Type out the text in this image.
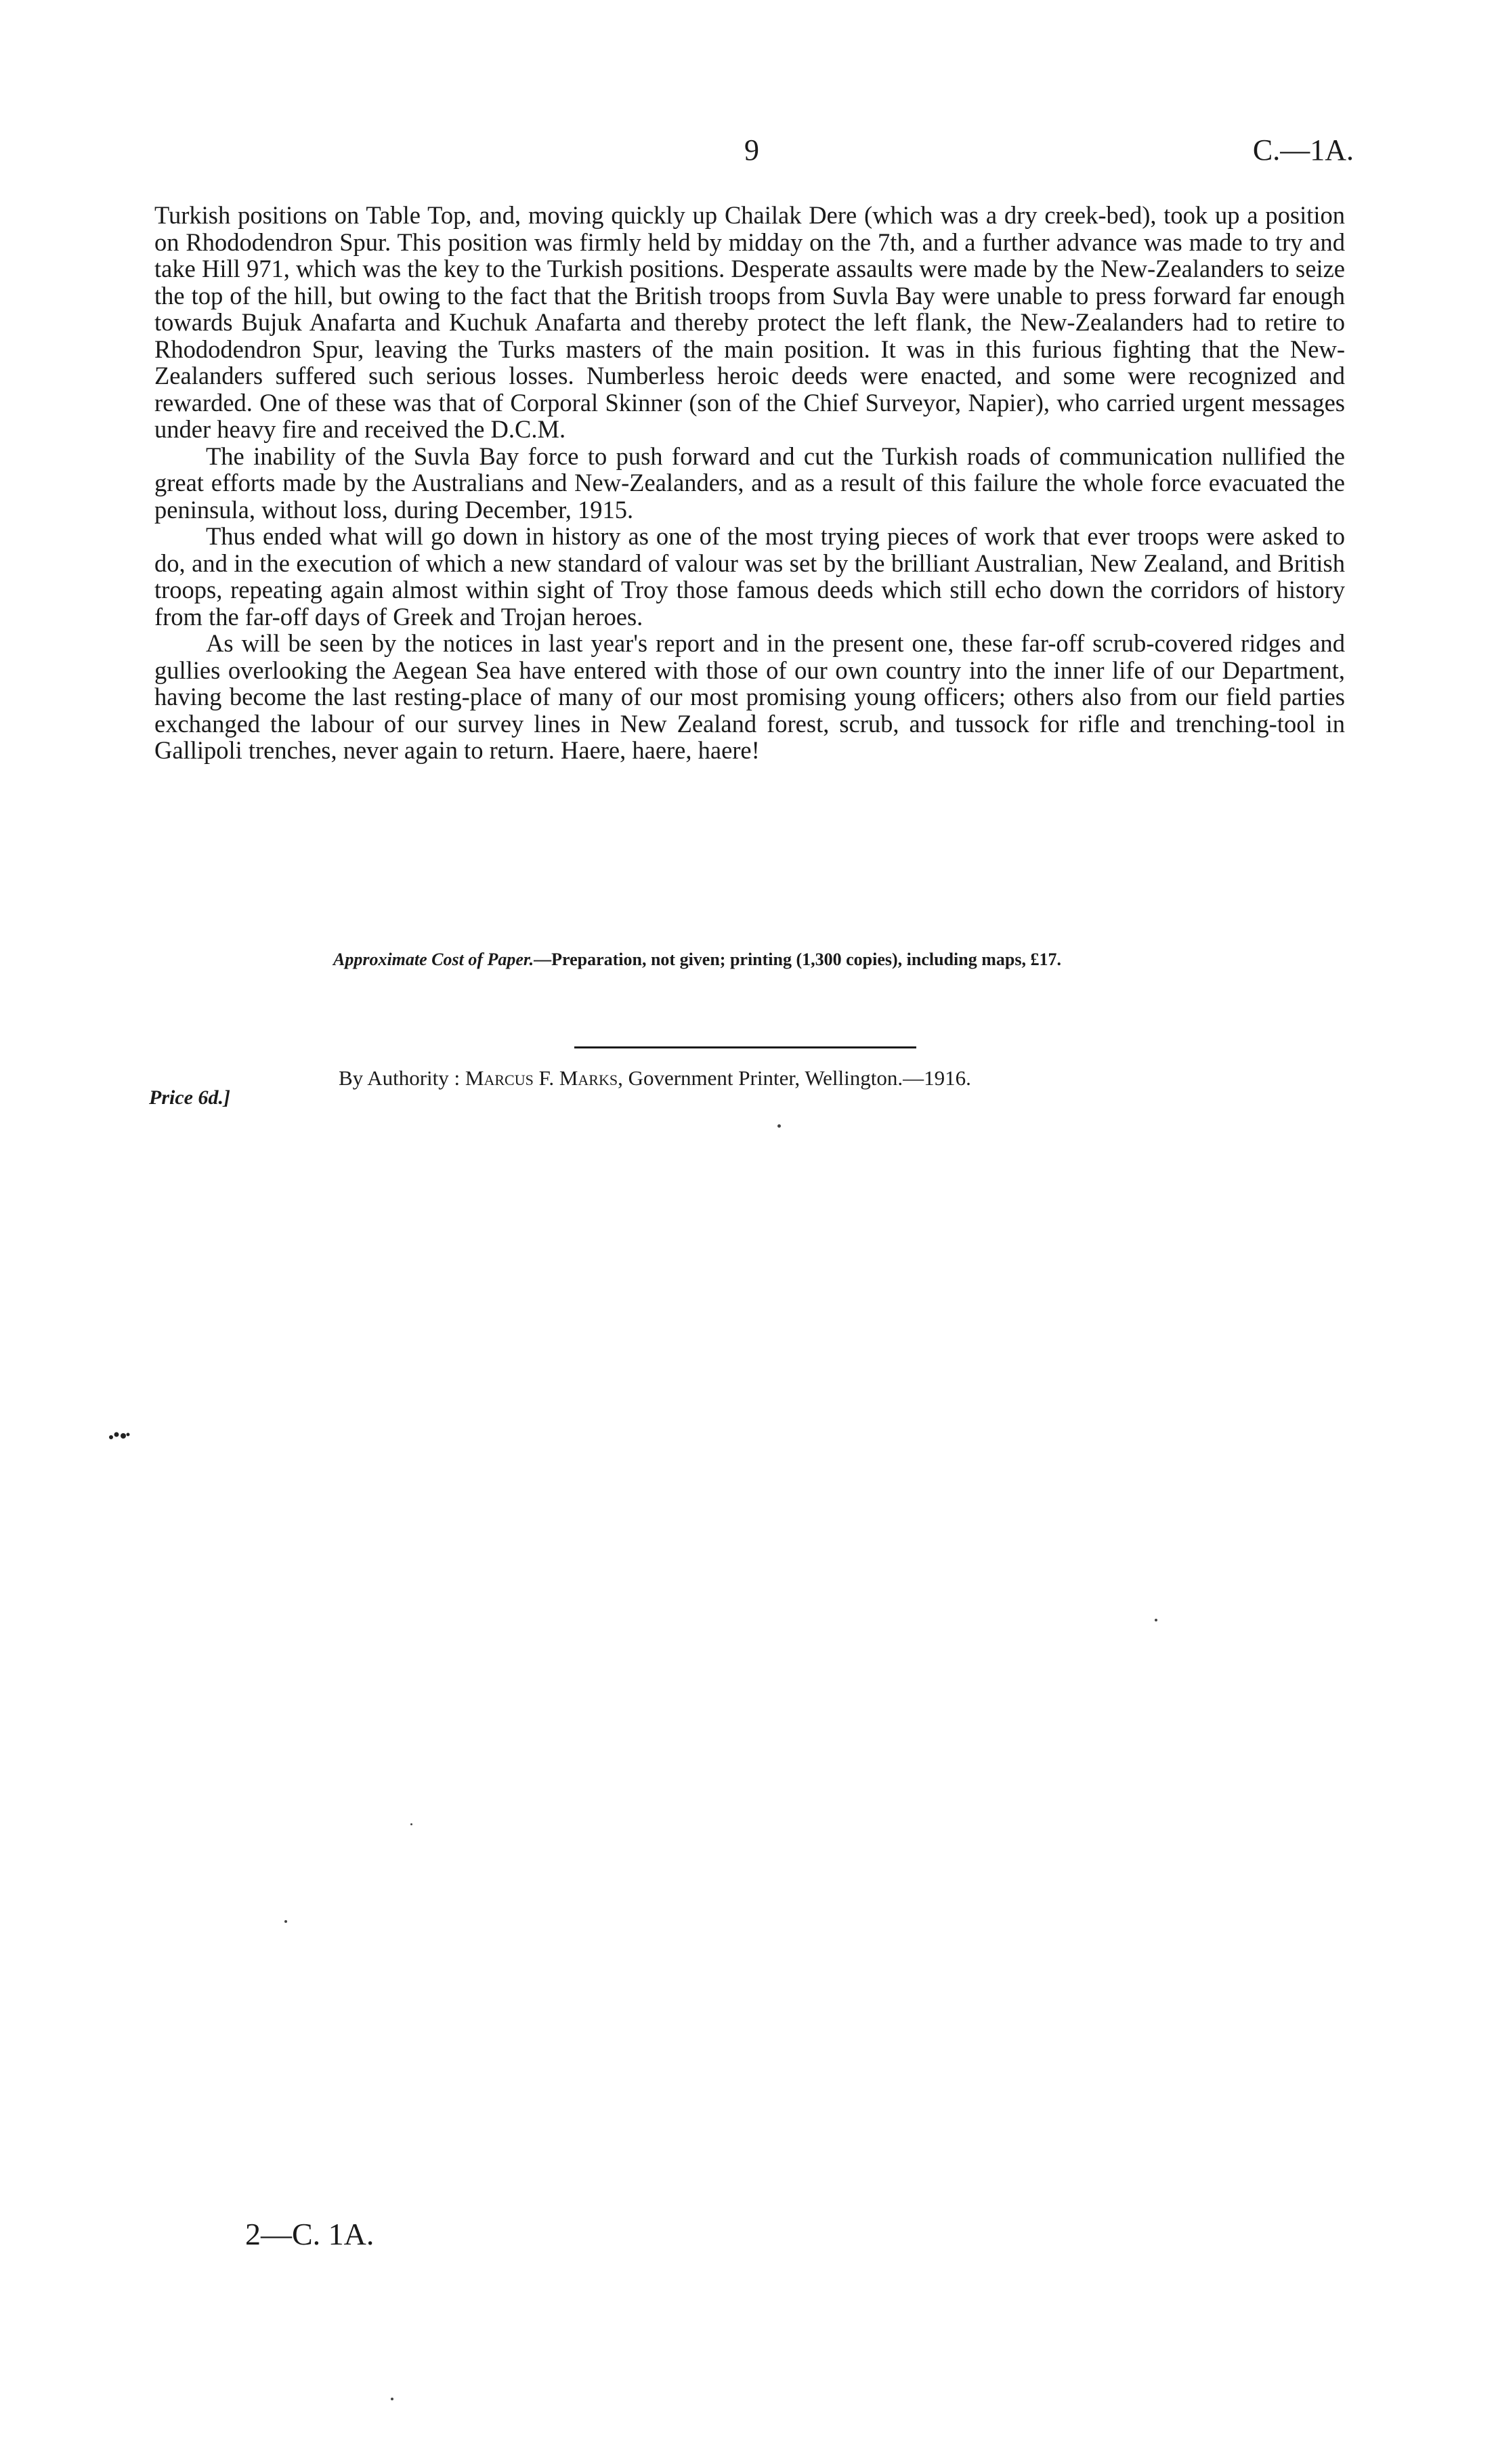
9	C.—1A.

Turkish positions on Table Top, and, moving quickly up Chailak Dere (which was a dry creek-bed), took up a position on Rhododendron Spur. This position was firmly held by midday on the 7th, and a further advance was made to try and take Hill 971, which was the key to the Turkish positions. Desperate assaults were made by the New-Zealanders to seize the top of the hill, but owing to the fact that the British troops from Suvla Bay were unable to press forward far enough towards Bujuk Anafarta and Kuchuk Anafarta and thereby protect the left flank, the New-Zealanders had to retire to Rhododendron Spur, leaving the Turks masters of the main position. It was in this furious fighting that the New-Zealanders suffered such serious losses. Numberless heroic deeds were enacted, and some were recognized and rewarded. One of these was that of Corporal Skinner (son of the Chief Surveyor, Napier), who carried urgent messages under heavy fire and received the D.C.M.

The inability of the Suvla Bay force to push forward and cut the Turkish roads of communication nullified the great efforts made by the Australians and New-Zealanders, and as a result of this failure the whole force evacuated the peninsula, without loss, during December, 1915.

Thus ended what will go down in history as one of the most trying pieces of work that ever troops were asked to do, and in the execution of which a new standard of valour was set by the brilliant Australian, New Zealand, and British troops, repeating again almost within sight of Troy those famous deeds which still echo down the corridors of history from the far-off days of Greek and Trojan heroes.

As will be seen by the notices in last year's report and in the present one, these far-off scrub-covered ridges and gullies overlooking the Aegean Sea have entered with those of our own country into the inner life of our Department, having become the last resting-place of many of our most promising young officers; others also from our field parties exchanged the labour of our survey lines in New Zealand forest, scrub, and tussock for rifle and trenching-tool in Gallipoli trenches, never again to return. Haere, haere, haere!

Approximate Cost of Paper.—Preparation, not given; printing (1,300 copies), including maps, £17.
Price 6d.]
By Authority : Marcus F. Marks, Government Printer, Wellington.—1916.
2—C. 1A.
